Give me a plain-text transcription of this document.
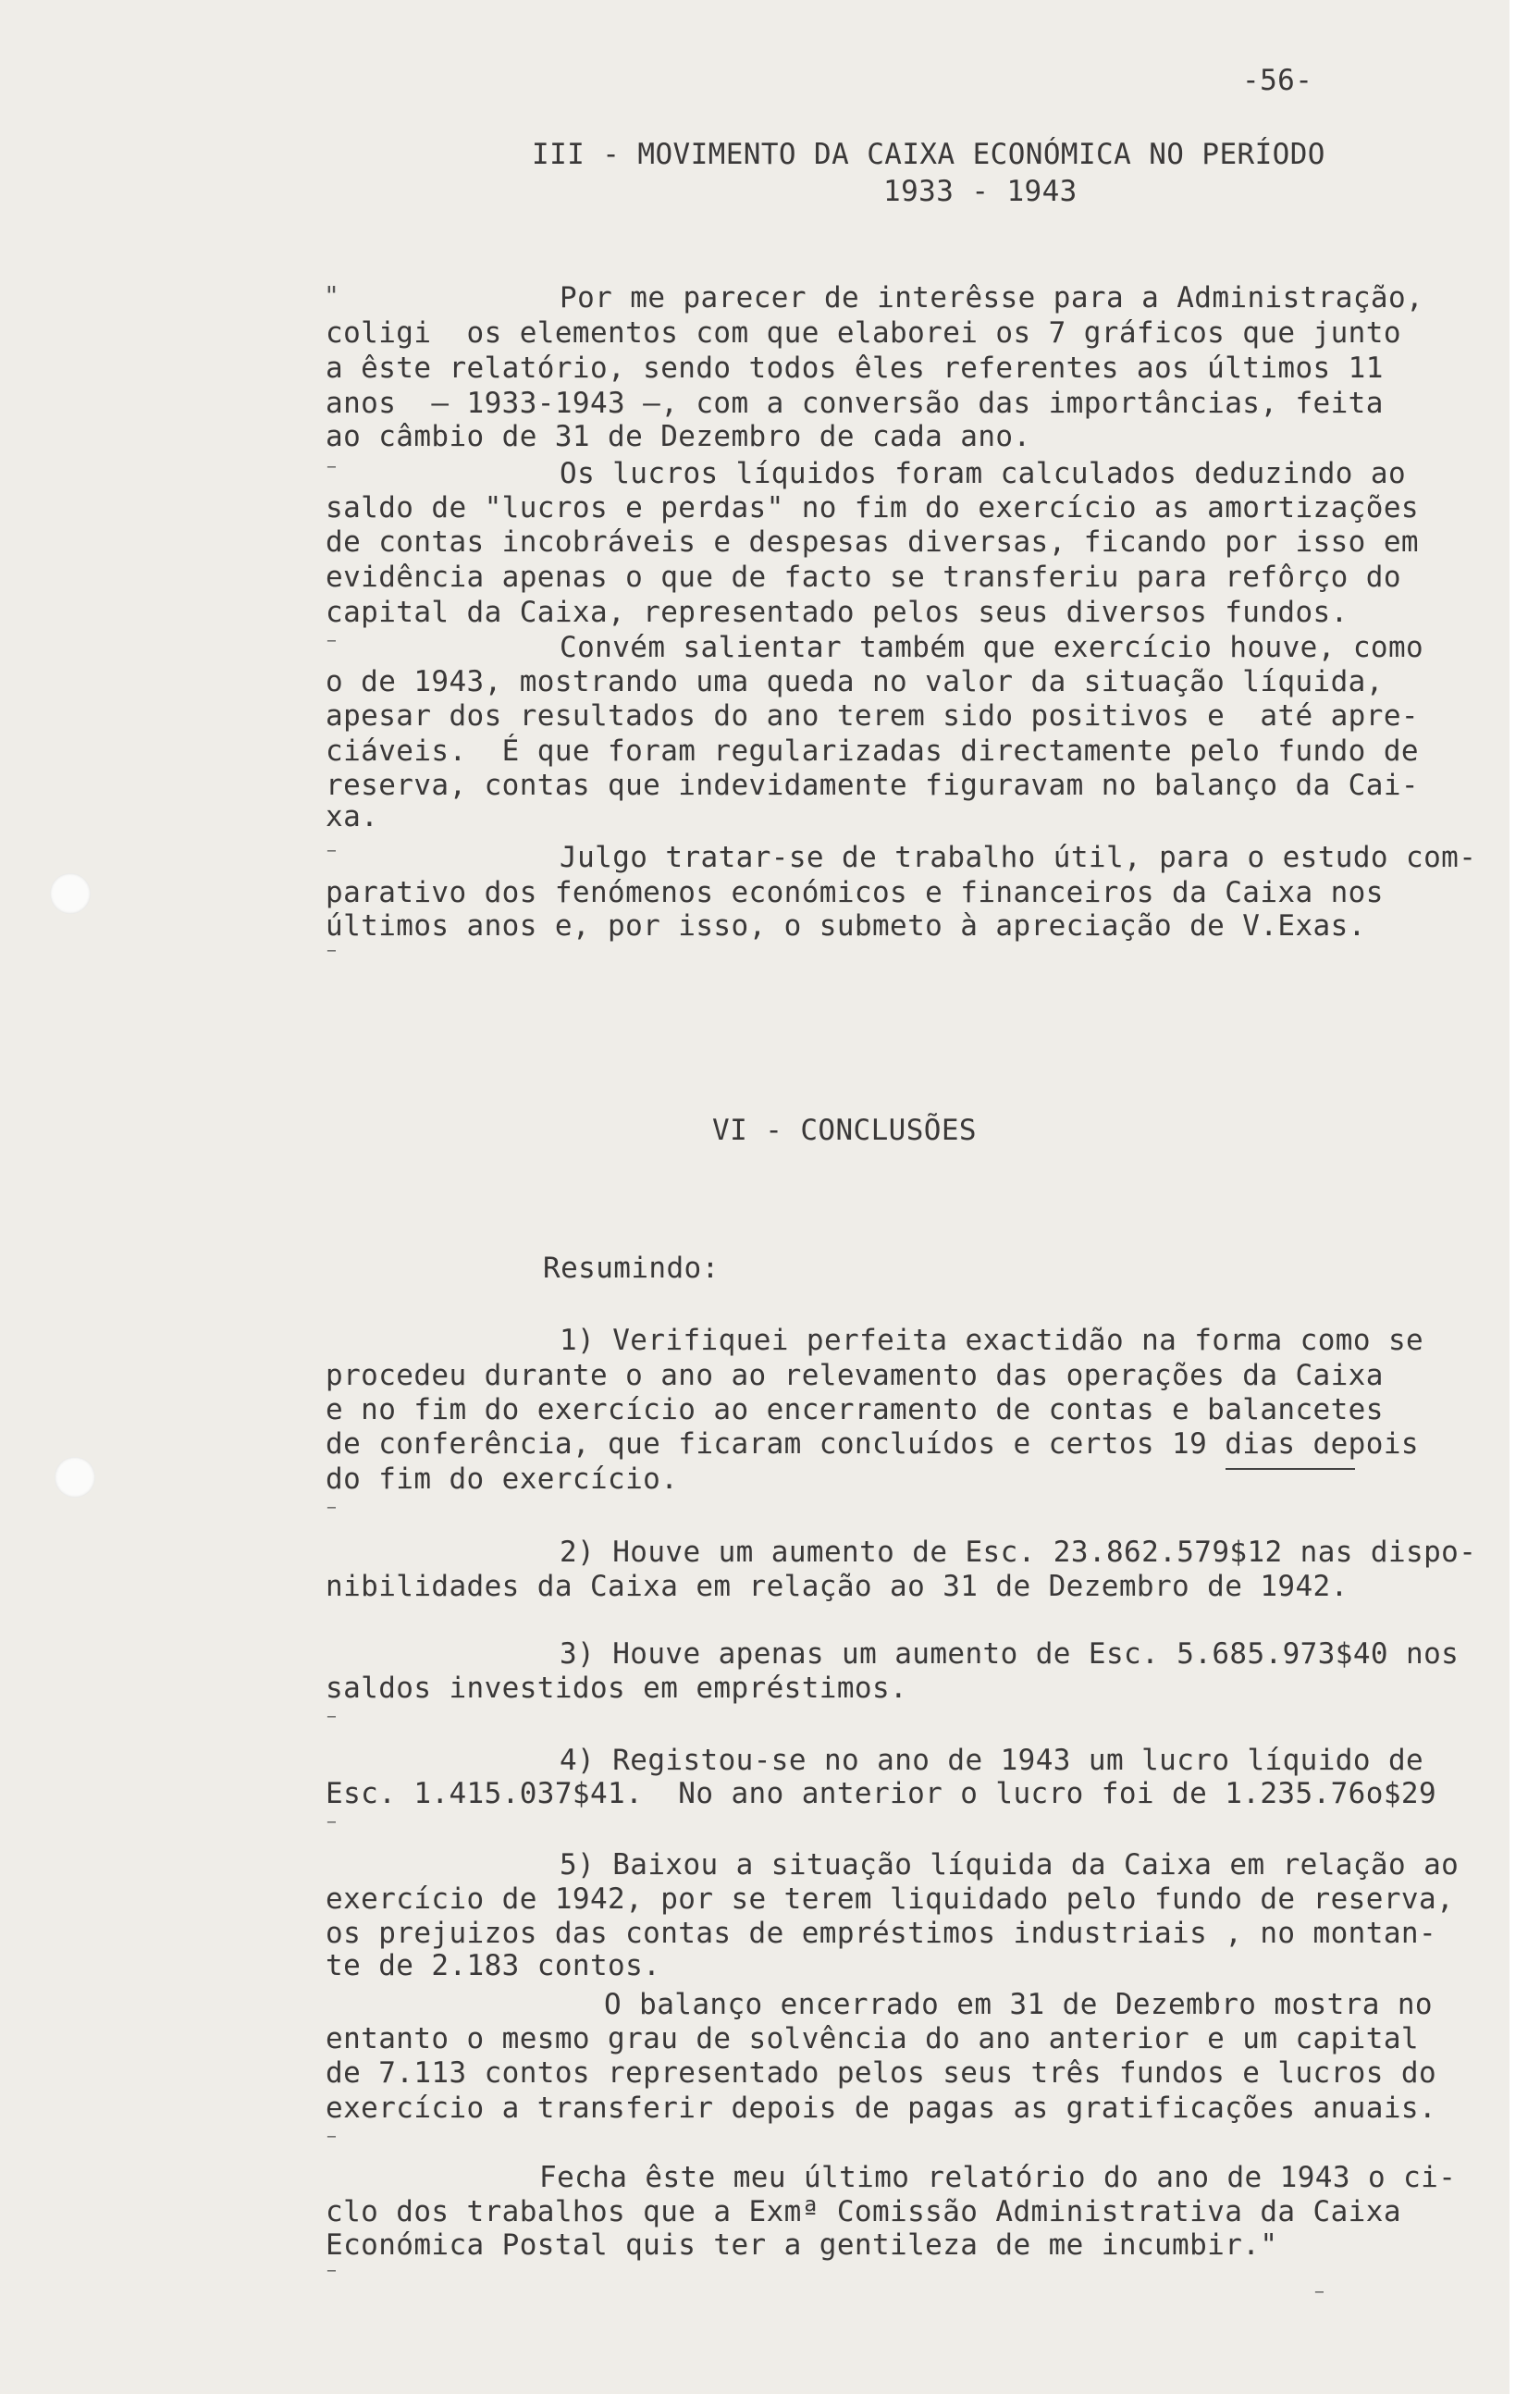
-56-
III - MOVIMENTO DA CAIXA ECONÓMICA NO PERÍODO
1933 - 1943
Por me parecer de interêsse para a Administração,
coligi  os elementos com que elaborei os 7 gráficos que junto
a êste relatório, sendo todos êles referentes aos últimos 11
anos  — 1933-1943 —, com a conversão das importâncias, feita
ao câmbio de 31 de Dezembro de cada ano.
Os lucros líquidos foram calculados deduzindo ao
saldo de "lucros e perdas" no fim do exercício as amortizações
de contas incobráveis e despesas diversas, ficando por isso em
evidência apenas o que de facto se transferiu para refôrço do
capital da Caixa, representado pelos seus diversos fundos.
Convém salientar também que exercício houve, como
o de 1943, mostrando uma queda no valor da situação líquida,
apesar dos resultados do ano terem sido positivos e  até apre-
ciáveis.  É que foram regularizadas directamente pelo fundo de
reserva, contas que indevidamente figuravam no balanço da Cai-
xa.
Julgo tratar-se de trabalho útil, para o estudo com-
parativo dos fenómenos económicos e financeiros da Caixa nos
últimos anos e, por isso, o submeto à apreciação de V.Exas.
VI - CONCLUSÕES
Resumindo:
1) Verifiquei perfeita exactidão na forma como se
procedeu durante o ano ao relevamento das operações da Caixa
e no fim do exercício ao encerramento de contas e balancetes
de conferência, que ficaram concluídos e certos 19 dias depois
do fim do exercício.
2) Houve um aumento de Esc. 23.862.579$12 nas dispo-
nibilidades da Caixa em relação ao 31 de Dezembro de 1942.
3) Houve apenas um aumento de Esc. 5.685.973$40 nos
saldos investidos em empréstimos.
4) Registou-se no ano de 1943 um lucro líquido de
Esc. 1.415.037$41.  No ano anterior o lucro foi de 1.235.76o$29
5) Baixou a situação líquida da Caixa em relação ao
exercício de 1942, por se terem liquidado pelo fundo de reserva,
os prejuizos das contas de empréstimos industriais , no montan-
te de 2.183 contos.
O balanço encerrado em 31 de Dezembro mostra no
entanto o mesmo grau de solvência do ano anterior e um capital
de 7.113 contos representado pelos seus três fundos e lucros do
exercício a transferir depois de pagas as gratificações anuais.
Fecha êste meu último relatório do ano de 1943 o ci-
clo dos trabalhos que a Exmª Comissão Administrativa da Caixa
Económica Postal quis ter a gentileza de me incumbir."
"
⁻
⁻
⁻
⁻
⁻
⁻
⁻
⁻
⁻
⁻
